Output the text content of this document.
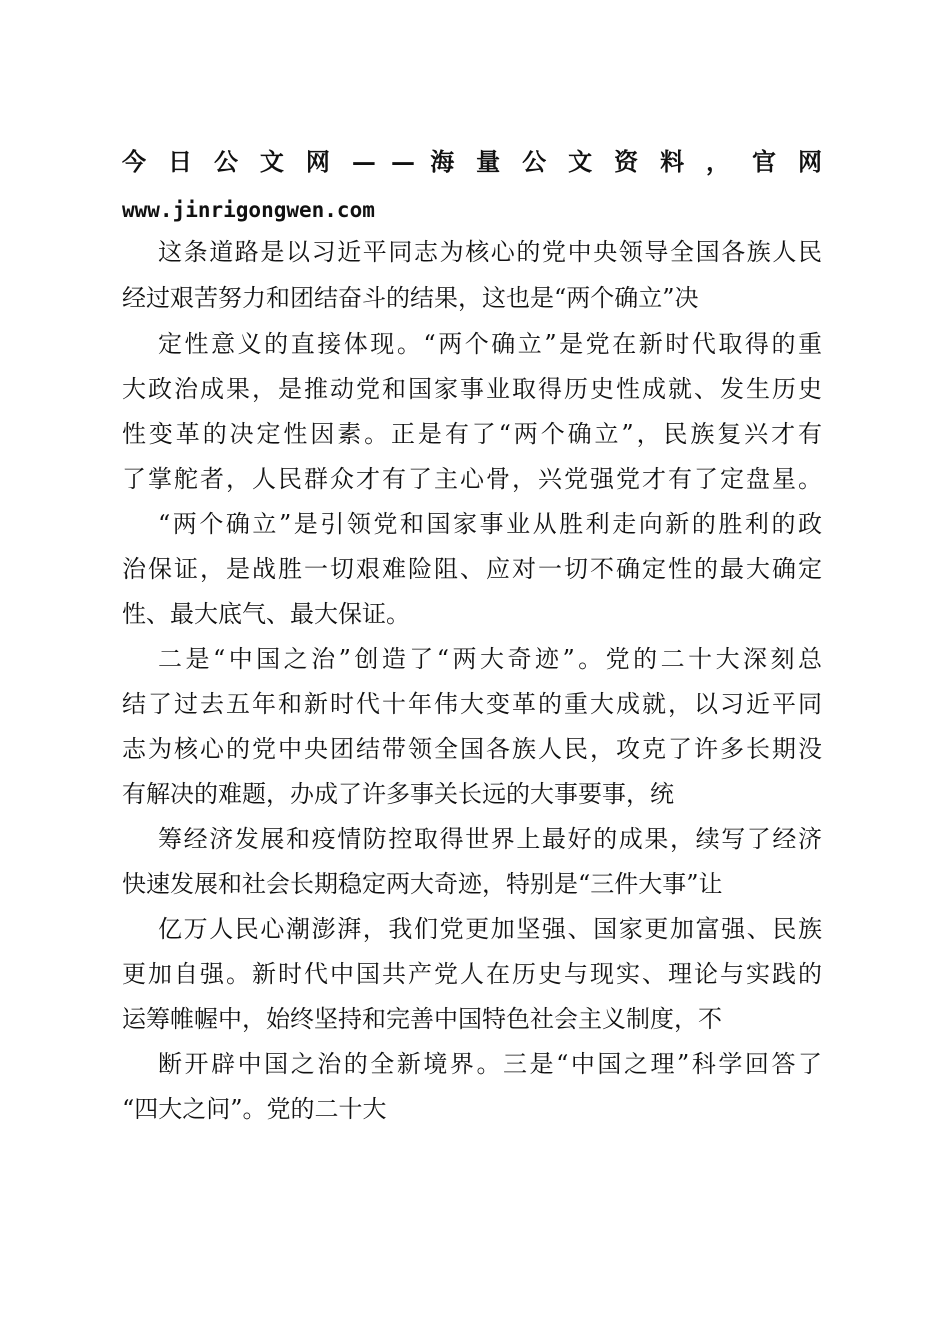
今 日 公 文 网 — — 海 量 公 文 资 料 ， 官 网
www.jinrigongwen.com
这条道路是以习近平同志为核心的党中央领导全国各族人民
经过艰苦努力和团结奋斗的结果，这也是“两个确立”决
定性意义的直接体现。“两个确立”是党在新时代取得的重
大政治成果，是推动党和国家事业取得历史性成就、发生历史
性变革的决定性因素。正是有了“两个确立”，民族复兴才有
了掌舵者，人民群众才有了主心骨，兴党强党才有了定盘星。
“两个确立”是引领党和国家事业从胜利走向新的胜利的政
治保证，是战胜一切艰难险阻、应对一切不确定性的最大确定
性、最大底气、最大保证。
二是“中国之治”创造了“两大奇迹”。党的二十大深刻总
结了过去五年和新时代十年伟大变革的重大成就，以习近平同
志为核心的党中央团结带领全国各族人民，攻克了许多长期没
有解决的难题，办成了许多事关长远的大事要事，统
筹经济发展和疫情防控取得世界上最好的成果，续写了经济
快速发展和社会长期稳定两大奇迹，特别是“三件大事”让
亿万人民心潮澎湃，我们党更加坚强、国家更加富强、民族
更加自强。新时代中国共产党人在历史与现实、理论与实践的
运筹帷幄中，始终坚持和完善中国特色社会主义制度，不
断开辟中国之治的全新境界。三是“中国之理”科学回答了
“四大之问”。党的二十大
